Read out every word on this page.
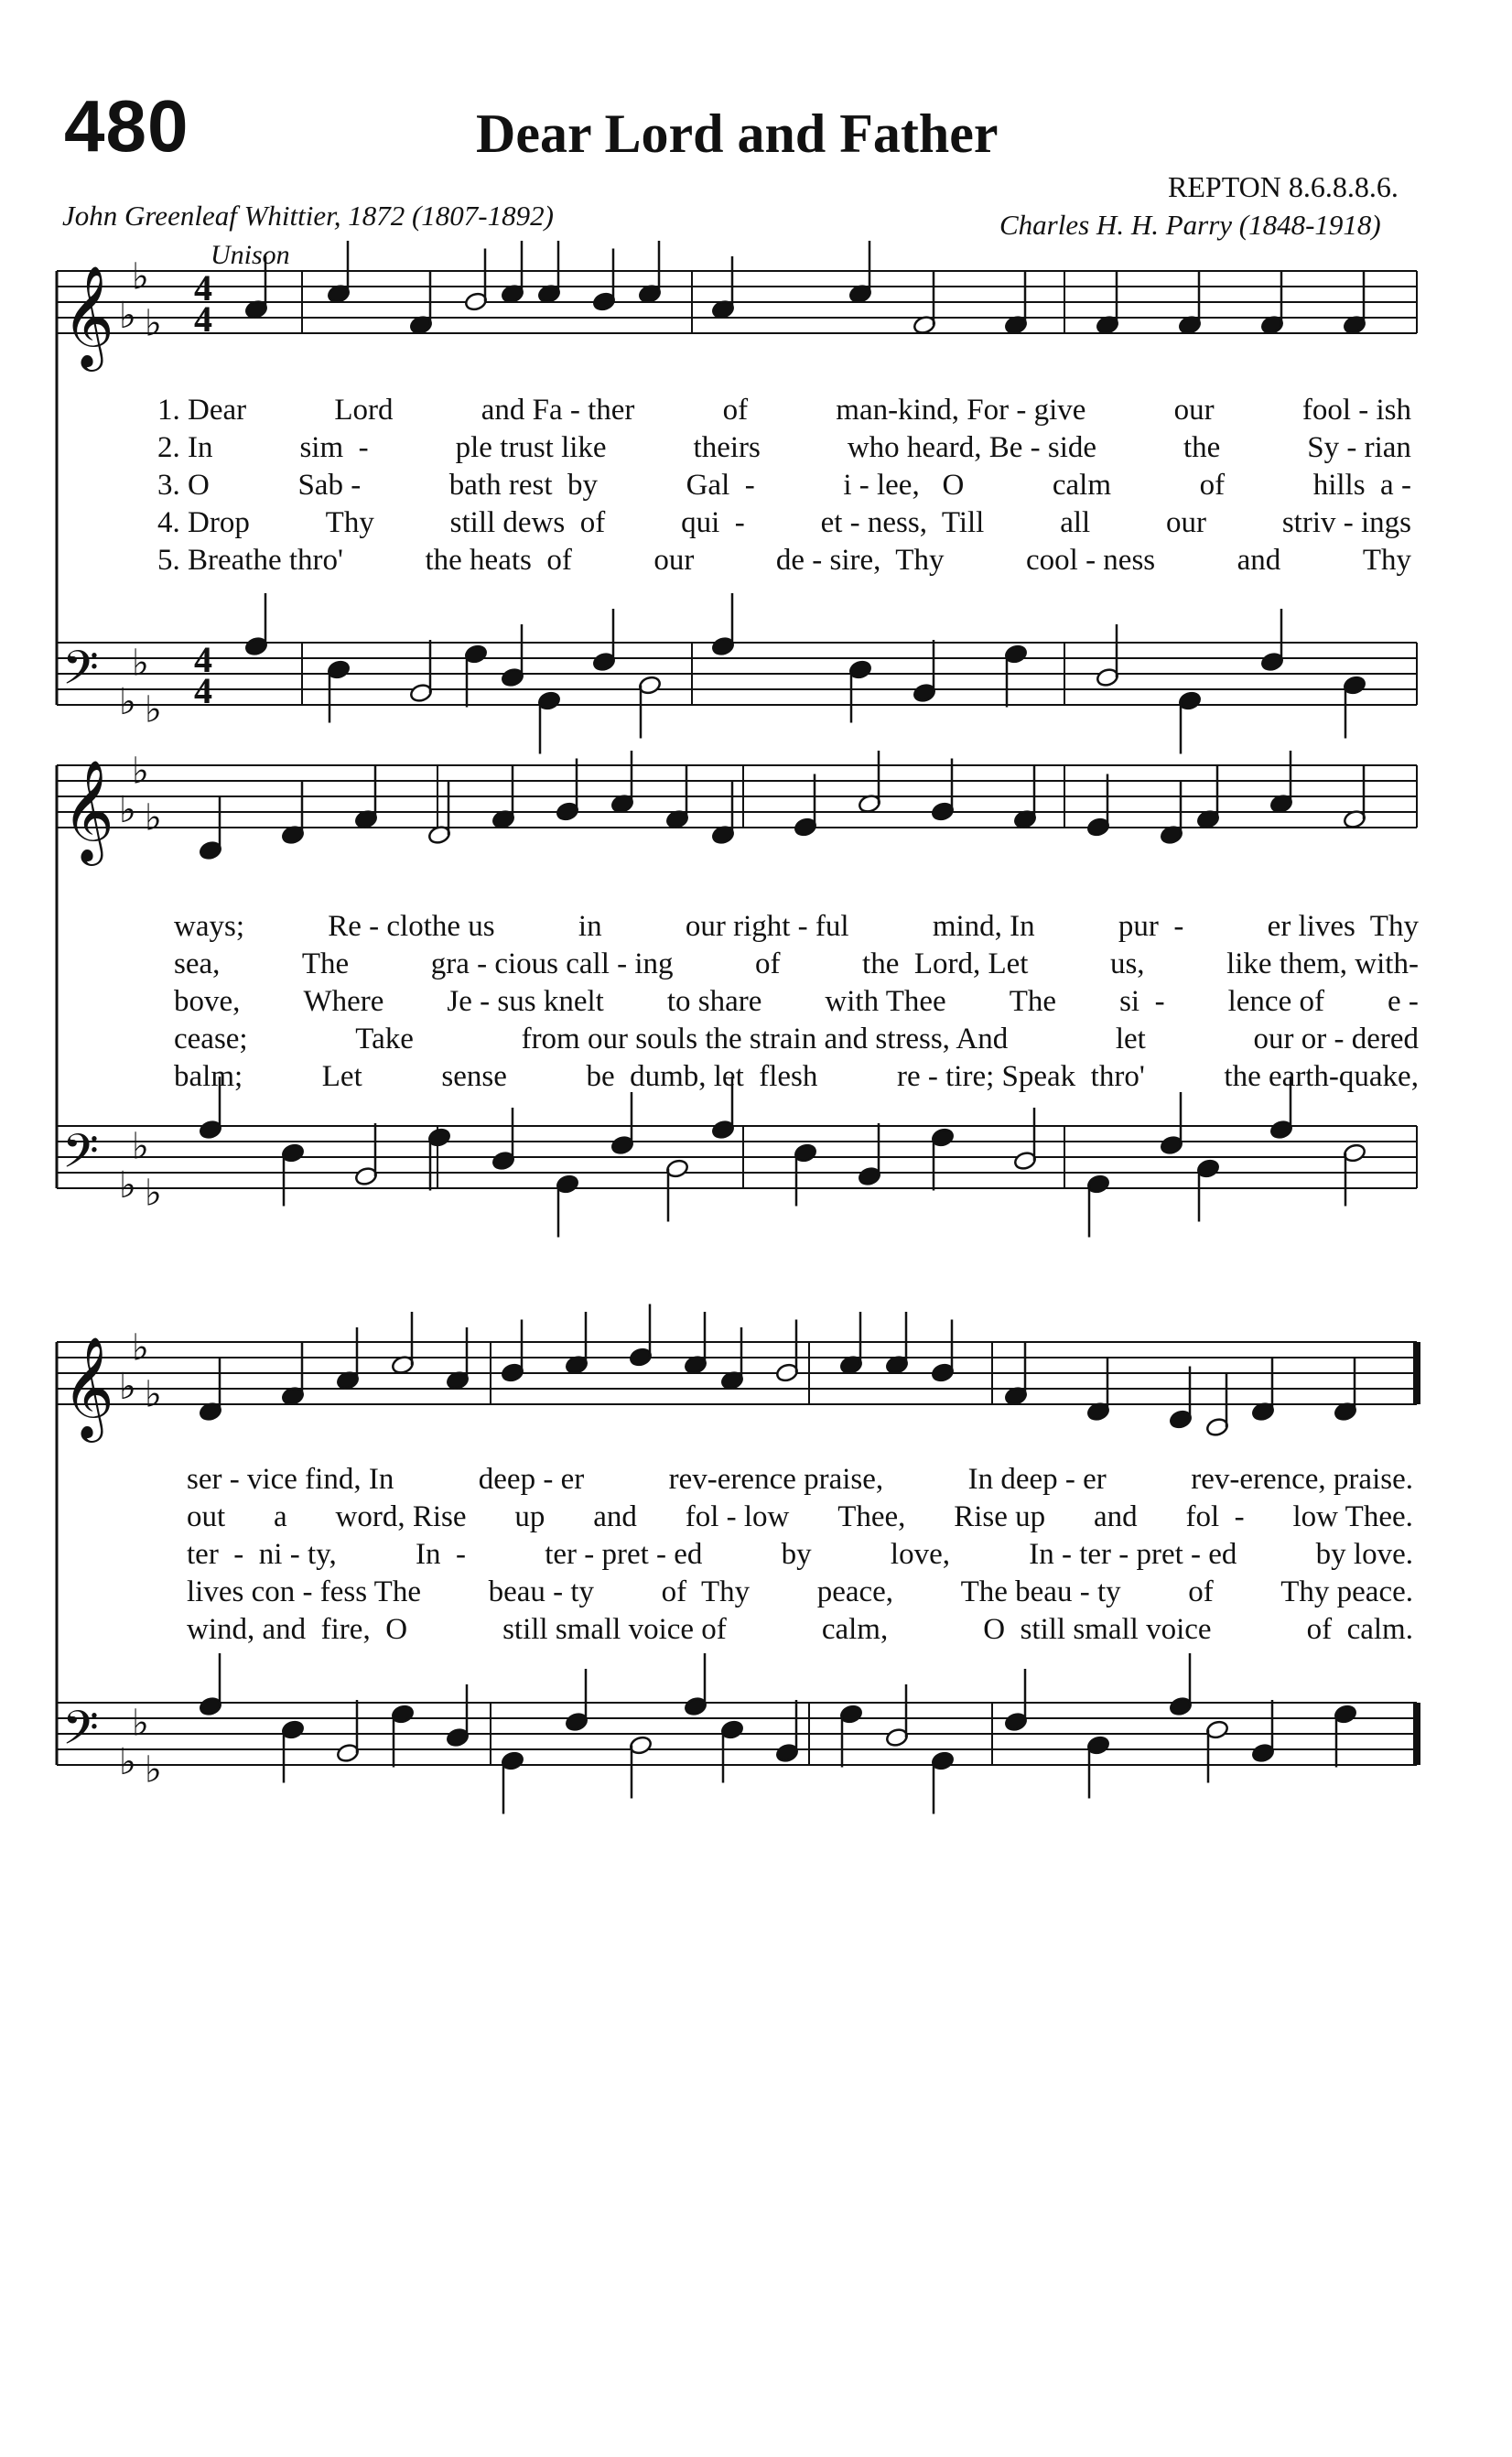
480	Dear Lord and Father
REPTON 8.6.8.8.6.
John Greenleaf Whittier, 1872 (1807-1892)	Charles H. H. Parry (1848-1918)
Unison
𝄞
𝄢
♭
♭
♭
♭
♭
♭
4
4
4
4
𝄞
𝄢
♭
♭
♭
♭
♭
♭
𝄞
𝄢
♭
♭
♭
♭
♭
♭
1. Dear	Lord	and Fa - ther	of	man-kind, For - give	our	fool - ish
2. In	sim  -	ple trust like	theirs	who heard, Be - side	the	Sy - rian
3. O	Sab -	bath rest  by	Gal  -	i - lee,   O	calm	of	hills  a -
4. Drop	Thy	still dews  of	qui  -	et - ness,  Till	all	our	striv - ings
5. Breathe thro'	the heats  of	our	de - sire,  Thy	cool - ness	and	Thy
ways;	Re - clothe us	in	our right - ful	mind, In	pur  -	er lives  Thy
sea,	The	gra - cious call - ing	of	the  Lord, Let	us,	like them, with-
bove, Where Je - sus knelt to share with Thee The si  - lence of e -
cease;	Take	from our souls the strain and stress, And	let	our or - dered
balm;	Let	sense	be  dumb, let  flesh	re - tire; Speak  thro'	the earth-quake,
ser - vice find, In	deep - er	rev-erence praise,	In deep - er	rev-erence, praise.
out a word, Rise up and fol - low Thee, Rise up and fol  - low Thee.
ter  -  ni - ty,	In  -	ter - pret - ed	by	love,	In - ter - pret - ed	by love.
lives con - fess The beau - ty of  Thy peace, The beau - ty of Thy peace.
wind, and  fire,  O	still small voice of	calm,	O  still small voice	of  calm.
